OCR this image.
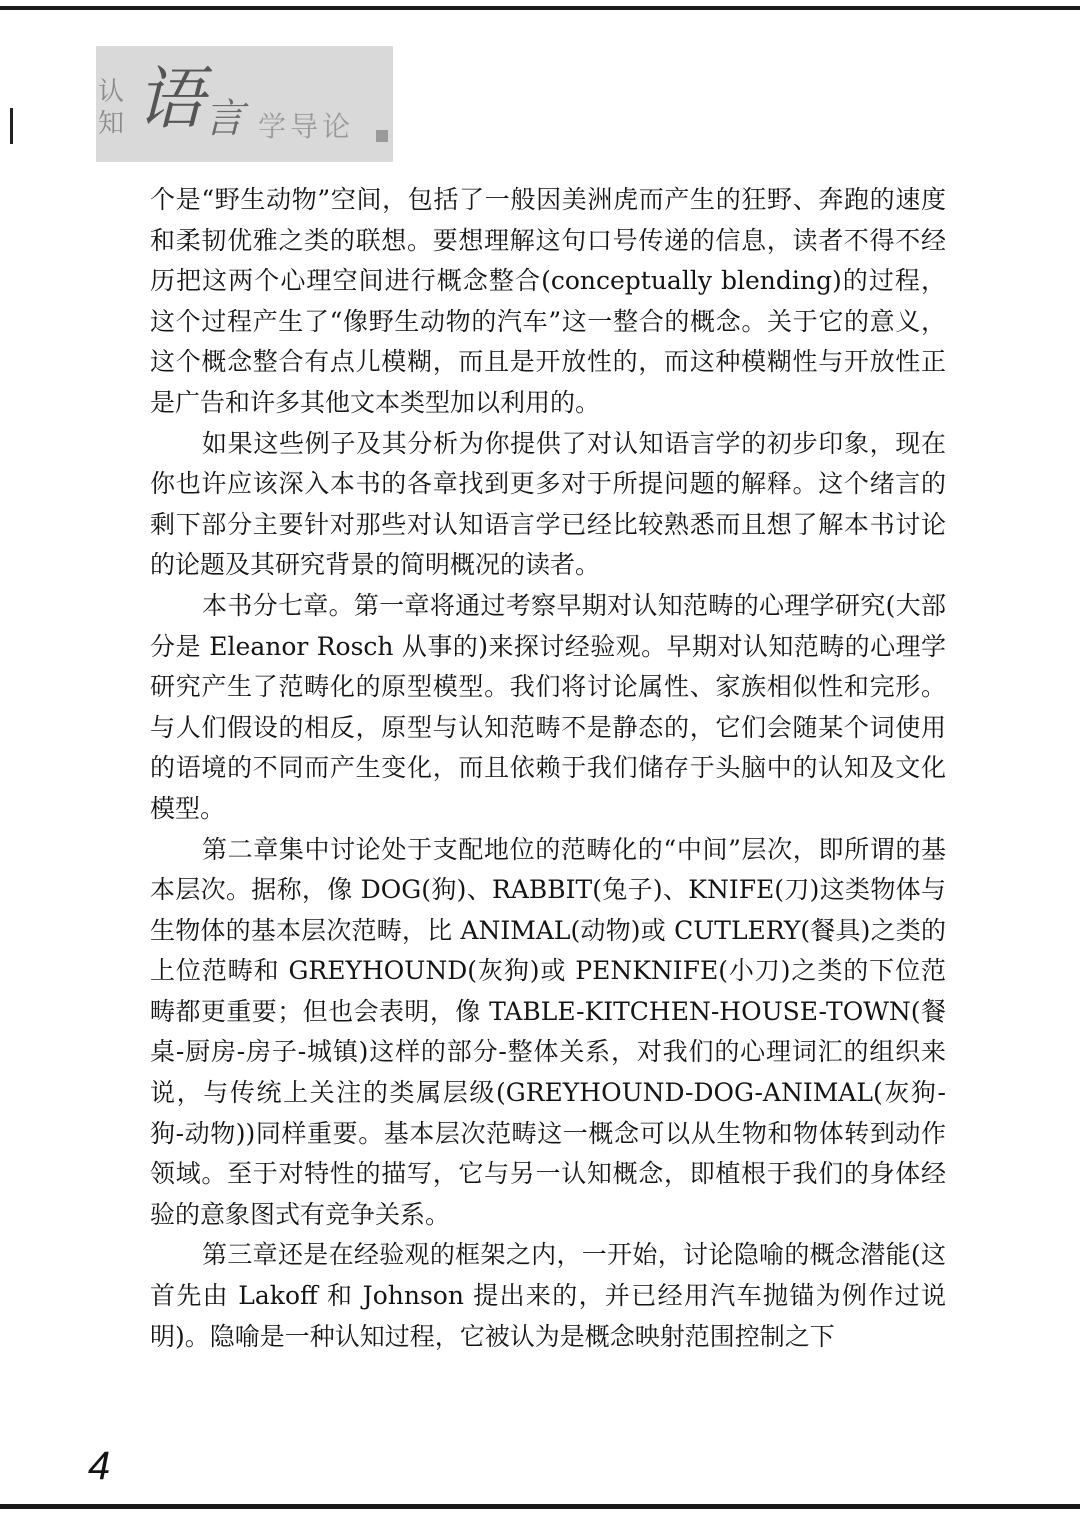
认
知 语 言 学导论

个是“野生动物”空间，包括了一般因美洲虎而产生的狂野、奔跑的速度和柔韧优雅之类的联想。要想理解这句口号传递的信息，读者不得不经历把这两个心理空间进行概念整合(conceptually blending)的过程，这个过程产生了“像野生动物的汽车”这一整合的概念。关于它的意义，这个概念整合有点儿模糊，而且是开放性的，而这种模糊性与开放性正是广告和许多其他文本类型加以利用的。

如果这些例子及其分析为你提供了对认知语言学的初步印象，现在你也许应该深入本书的各章找到更多对于所提问题的解释。这个绪言的剩下部分主要针对那些对认知语言学已经比较熟悉而且想了解本书讨论的论题及其研究背景的简明概况的读者。

本书分七章。第一章将通过考察早期对认知范畴的心理学研究(大部分是 Eleanor Rosch 从事的)来探讨经验观。早期对认知范畴的心理学研究产生了范畴化的原型模型。我们将讨论属性、家族相似性和完形。与人们假设的相反，原型与认知范畴不是静态的，它们会随某个词使用的语境的不同而产生变化，而且依赖于我们储存于头脑中的认知及文化模型。

第二章集中讨论处于支配地位的范畴化的“中间”层次，即所谓的基本层次。据称，像 DOG(狗)、RABBIT(兔子)、KNIFE(刀)这类物体与生物体的基本层次范畴，比 ANIMAL(动物)或 CUTLERY(餐具)之类的上位范畴和 GREYHOUND(灰狗)或 PENKNIFE(小刀)之类的下位范畴都更重要；但也会表明，像 TABLE-KITCHEN-HOUSE-TOWN(餐桌-厨房-房子-城镇)这样的部分-整体关系，对我们的心理词汇的组织来说，与传统上关注的类属层级(GREYHOUND-DOG-ANIMAL(灰狗-狗-动物))同样重要。基本层次范畴这一概念可以从生物和物体转到动作领域。至于对特性的描写，它与另一认知概念，即植根于我们的身体经验的意象图式有竞争关系。

第三章还是在经验观的框架之内，一开始，讨论隐喻的概念潜能(这首先由 Lakoff 和 Johnson 提出来的，并已经用汽车抛锚为例作过说明)。隐喻是一种认知过程，它被认为是概念映射范围控制之下

4
